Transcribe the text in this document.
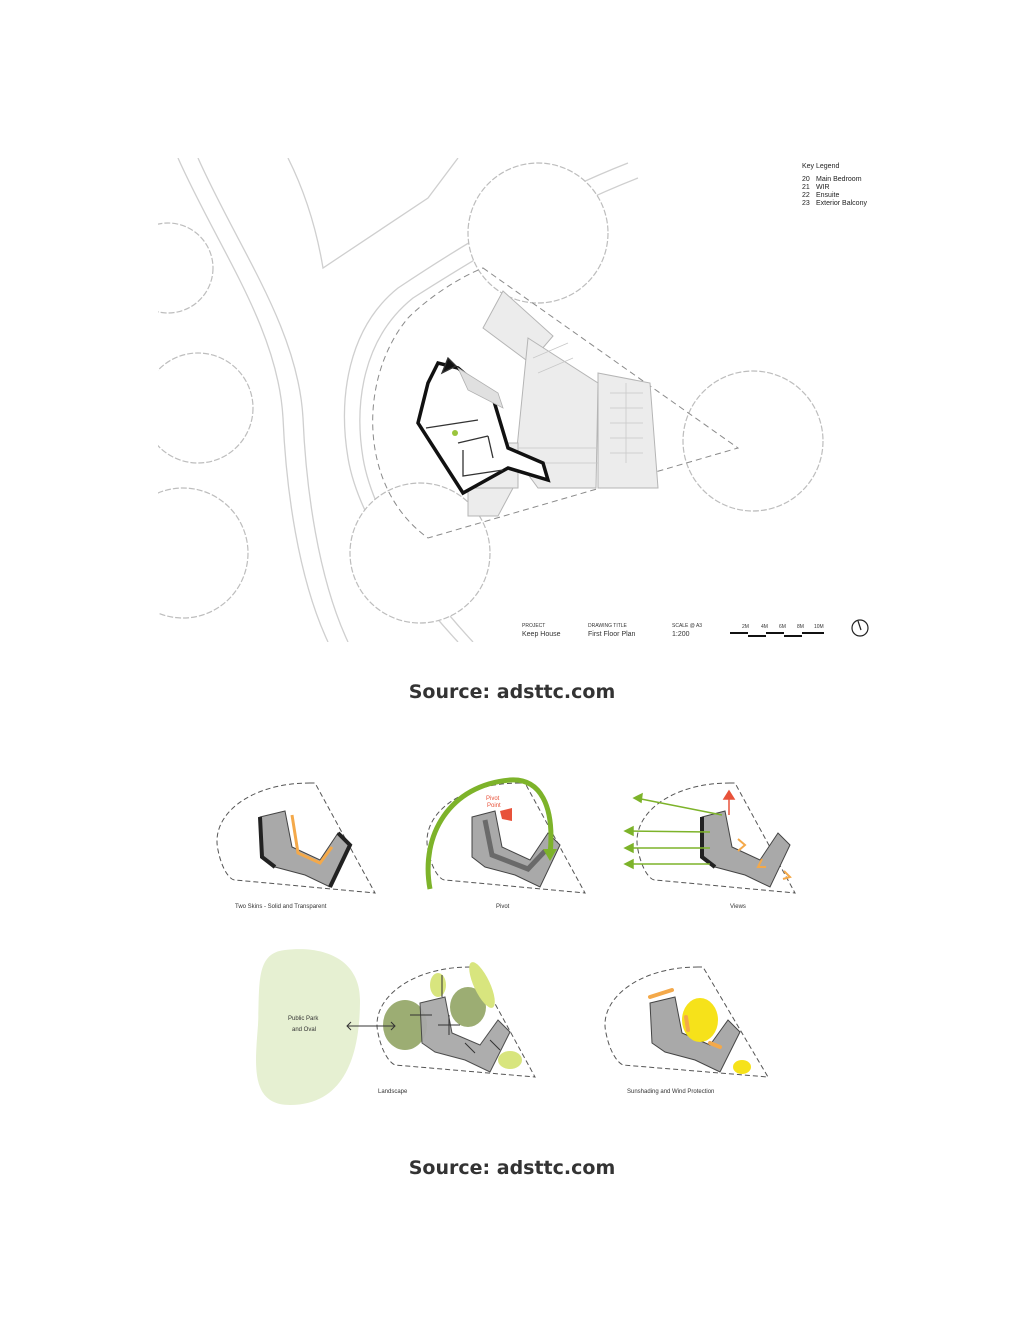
Key Legend
20 Main Bedroom
21 WIR
22 Ensuite
23 Exterior Balcony
PROJECT
Keep House
DRAWING TITLE
First Floor Plan
SCALE @ A3
1:200
2M 4M 6M 8M 10M
Source: adsttc.com
Two Skins - Solid and Transparent
Pivot
Point
Pivot	Views
Public Park
and Oval
Landscape	Sunshading and Wind Protection
Source: adsttc.com
